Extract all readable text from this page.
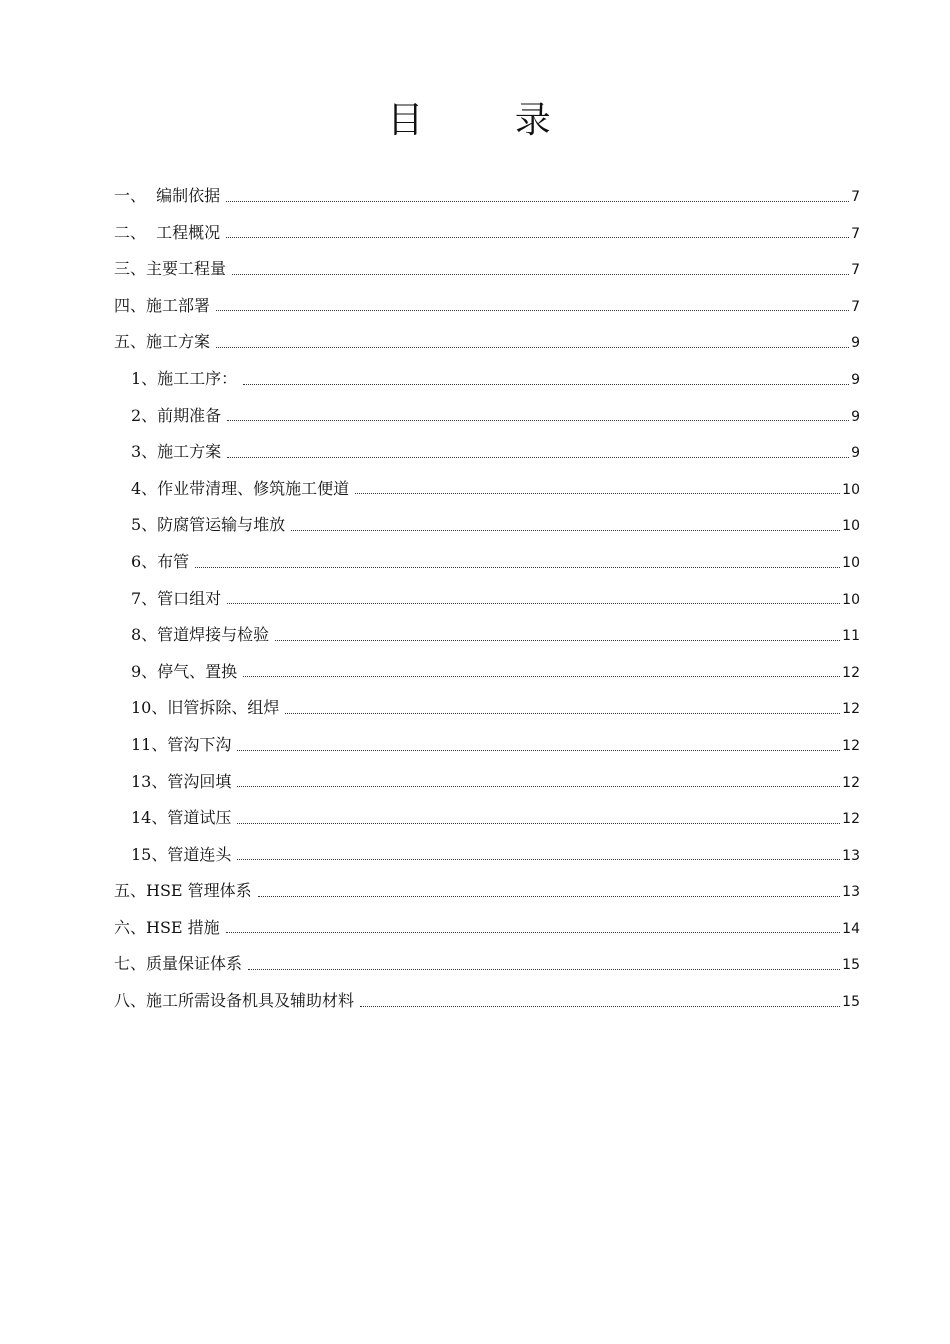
目 录
一、  编制依据	7
二、  工程概况	7
三、主要工程量	7
四、施工部署	7
五、施工方案	9
1、施工工序：	9
2、前期准备	9
3、施工方案	9
4、作业带清理、修筑施工便道	10
5、防腐管运输与堆放	10
6、布管	10
7、管口组对	10
8、管道焊接与检验	11
9、停气、置换	12
10、旧管拆除、组焊	12
11、管沟下沟	12
13、管沟回填	12
14、管道试压	12
15、管道连头	13
五、HSE 管理体系	13
六、HSE 措施	14
七、质量保证体系	15
八、施工所需设备机具及辅助材料	15
